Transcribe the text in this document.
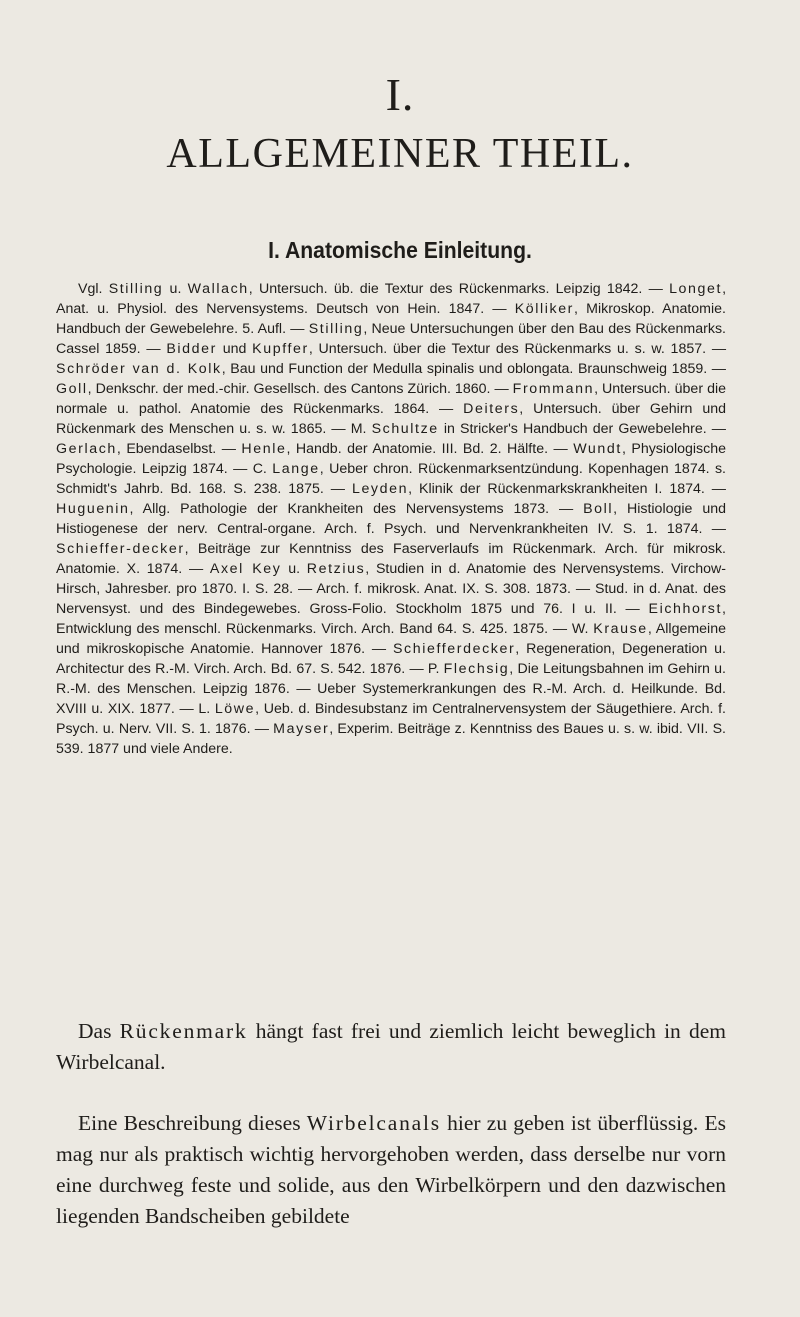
I.
ALLGEMEINER THEIL.
I. Anatomische Einleitung.

Vgl. Stilling u. Wallach, Untersuch. üb. die Textur des Rückenmarks. Leipzig 1842. — Longet, Anat. u. Physiol. des Nervensystems. Deutsch von Hein. 1847. — Kölliker, Mikroskop. Anatomie. Handbuch der Gewebelehre. 5. Aufl. — Stilling, Neue Untersuchungen über den Bau des Rückenmarks. Cassel 1859. — Bidder und Kupffer, Untersuch. über die Textur des Rückenmarks u. s. w. 1857. — Schröder van d. Kolk, Bau und Function der Medulla spinalis und oblongata. Braunschweig 1859. — Goll, Denkschr. der med.-chir. Gesellsch. des Cantons Zürich. 1860. — Frommann, Untersuch. über die normale u. pathol. Anatomie des Rückenmarks. 1864. — Deiters, Untersuch. über Gehirn und Rückenmark des Menschen u. s. w. 1865. — M. Schultze in Stricker's Handbuch der Gewebelehre. — Gerlach, Ebendaselbst. — Henle, Handb. der Anatomie. III. Bd. 2. Hälfte. — Wundt, Physiologische Psychologie. Leipzig 1874. — C. Lange, Ueber chron. Rückenmarksentzündung. Kopenhagen 1874. s. Schmidt's Jahrb. Bd. 168. S. 238. 1875. — Leyden, Klinik der Rückenmarkskrankheiten I. 1874. — Huguenin, Allg. Pathologie der Krankheiten des Nervensystems 1873. — Boll, Histiologie und Histiogenese der nerv. Central-organe. Arch. f. Psych. und Nervenkrankheiten IV. S. 1. 1874. — Schieffer-decker, Beiträge zur Kenntniss des Faserverlaufs im Rückenmark. Arch. für mikrosk. Anatomie. X. 1874. — Axel Key u. Retzius, Studien in d. Anatomie des Nervensystems. Virchow-Hirsch, Jahresber. pro 1870. I. S. 28. — Arch. f. mikrosk. Anat. IX. S. 308. 1873. — Stud. in d. Anat. des Nervensyst. und des Bindegewebes. Gross-Folio. Stockholm 1875 und 76. I u. II. — Eichhorst, Entwicklung des menschl. Rückenmarks. Virch. Arch. Band 64. S. 425. 1875. — W. Krause, Allgemeine und mikroskopische Anatomie. Hannover 1876. — Schiefferdecker, Regeneration, Degeneration u. Architectur des R.-M. Virch. Arch. Bd. 67. S. 542. 1876. — P. Flechsig, Die Leitungsbahnen im Gehirn u. R.-M. des Menschen. Leipzig 1876. — Ueber Systemerkrankungen des R.-M. Arch. d. Heilkunde. Bd. XVIII u. XIX. 1877. — L. Löwe, Ueb. d. Bindesubstanz im Centralnervensystem der Säugethiere. Arch. f. Psych. u. Nerv. VII. S. 1. 1876. — Mayser, Experim. Beiträge z. Kenntniss des Baues u. s. w. ibid. VII. S. 539. 1877 und viele Andere.

Das Rückenmark hängt fast frei und ziemlich leicht beweglich in dem Wirbelcanal.

Eine Beschreibung dieses Wirbelcanals hier zu geben ist überflüssig. Es mag nur als praktisch wichtig hervorgehoben werden, dass derselbe nur vorn eine durchweg feste und solide, aus den Wirbelkörpern und den dazwischen liegenden Bandscheiben gebildete
